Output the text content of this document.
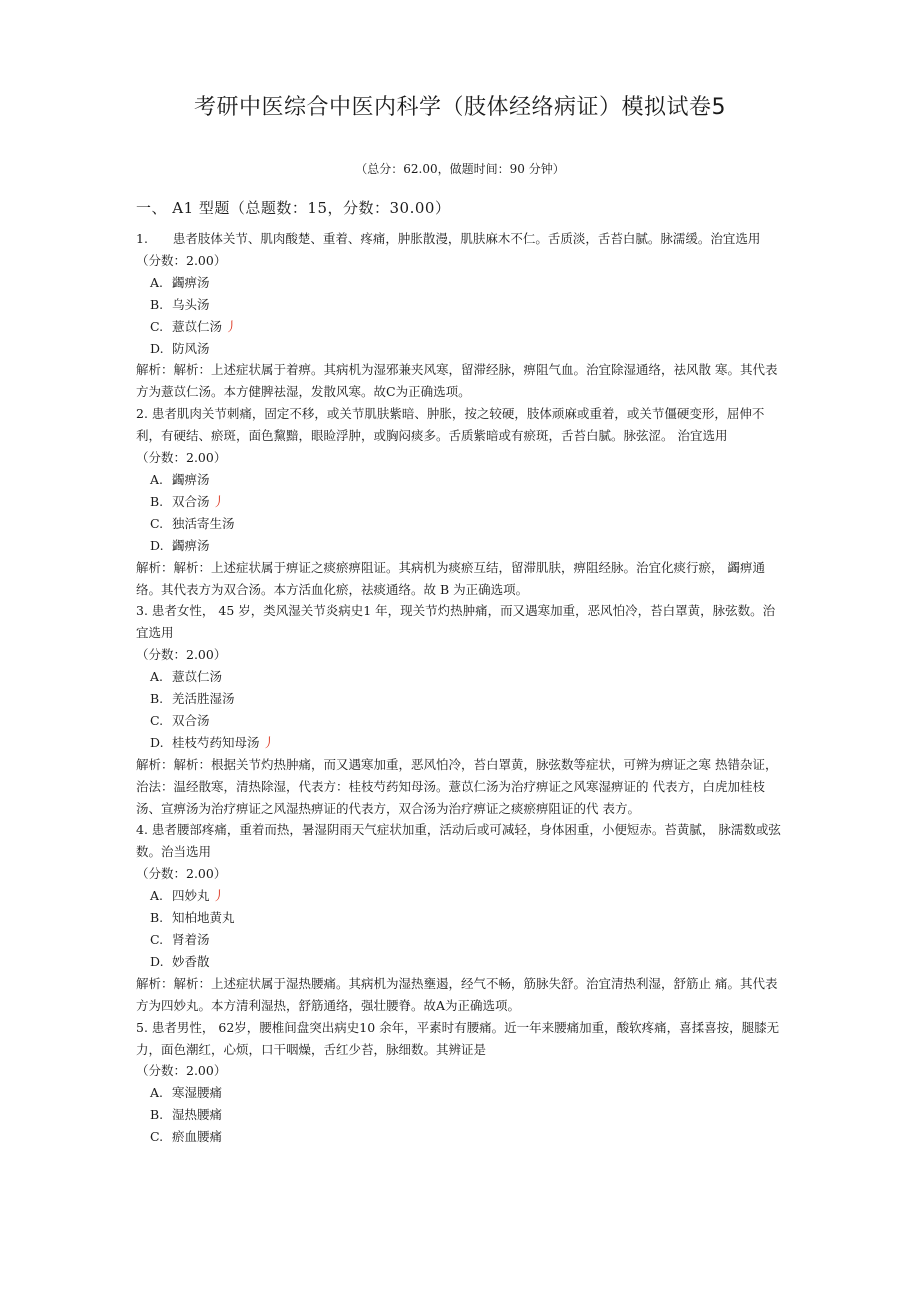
考研中医综合中医内科学（肢体经络病证）模拟试卷5
（总分：62.00，做题时间：90 分钟）
一、 A1 型题（总题数：15，分数：30.00）

1.　　患者肢体关节、肌肉酸楚、重着、疼痛，肿胀散漫，肌肤麻木不仁。舌质淡，舌苔白腻。脉濡缓。治宜选用

（分数：2.00）

A. 蠲痹汤
B. 乌头汤
C. 薏苡仁汤 丿
D. 防风汤

解析：解析：上述症状属于着痹。其病机为湿邪兼夹风寒，留滞经脉，痹阻气血。治宜除湿通络，祛风散 寒。其代表方为薏苡仁汤。本方健脾祛湿，发散风寒。故C为正确选项。

2. 患者肌肉关节刺痛，固定不移，或关节肌肤紫暗、肿胀，按之较硬，肢体顽麻或重着，或关节僵硬变形，屈伸不利，有硬结、瘀斑，面色黧黯，眼睑浮肿，或胸闷痰多。舌质紫暗或有瘀斑，舌苔白腻。脉弦涩。 治宜选用

（分数：2.00）

A. 蠲痹汤
B. 双合汤 丿
C. 独活寄生汤
D. 蠲痹汤

解析：解析：上述症状属于痹证之痰瘀痹阻证。其病机为痰瘀互结，留滞肌肤，痹阻经脉。治宜化痰行瘀， 蠲痹通络。其代表方为双合汤。本方活血化瘀，祛痰通络。故 B 为正确选项。

3. 患者女性， 45 岁，类风湿关节炎病史1 年，现关节灼热肿痛，而又遇寒加重，恶风怕冷，苔白罩黄，脉弦数。治宜选用

（分数：2.00）

A. 薏苡仁汤
B. 羌活胜湿汤
C. 双合汤
D. 桂枝芍药知母汤 丿

解析：解析：根据关节灼热肿痛，而又遇寒加重，恶风怕冷，苔白罩黄，脉弦数等症状，可辨为痹证之寒 热错杂证，治法：温经散寒，清热除湿，代表方：桂枝芍药知母汤。薏苡仁汤为治疗痹证之风寒湿痹证的 代表方，白虎加桂枝汤、宣痹汤为治疗痹证之风湿热痹证的代表方，双合汤为治疗痹证之痰瘀痹阻证的代 表方。

4. 患者腰部疼痛，重着而热，暑湿阴雨天气症状加重，活动后或可减轻，身体困重，小便短赤。苔黄腻， 脉濡数或弦数。治当选用

（分数：2.00）

A. 四妙丸 丿
B. 知柏地黄丸
C. 肾着汤
D. 妙香散

解析：解析：上述症状属于湿热腰痛。其病机为湿热壅遏，经气不畅，筋脉失舒。治宜清热利湿，舒筋止 痛。其代表方为四妙丸。本方清利湿热，舒筋通络，强壮腰脊。故A为正确选项。

5. 患者男性， 62岁，腰椎间盘突出病史10 余年，平素时有腰痛。近一年来腰痛加重，酸软疼痛，喜揉喜按，腿膝无力，面色潮红，心烦，口干咽燥，舌红少苔，脉细数。其辨证是

（分数：2.00）

A. 寒湿腰痛
B. 湿热腰痛
C. 瘀血腰痛
